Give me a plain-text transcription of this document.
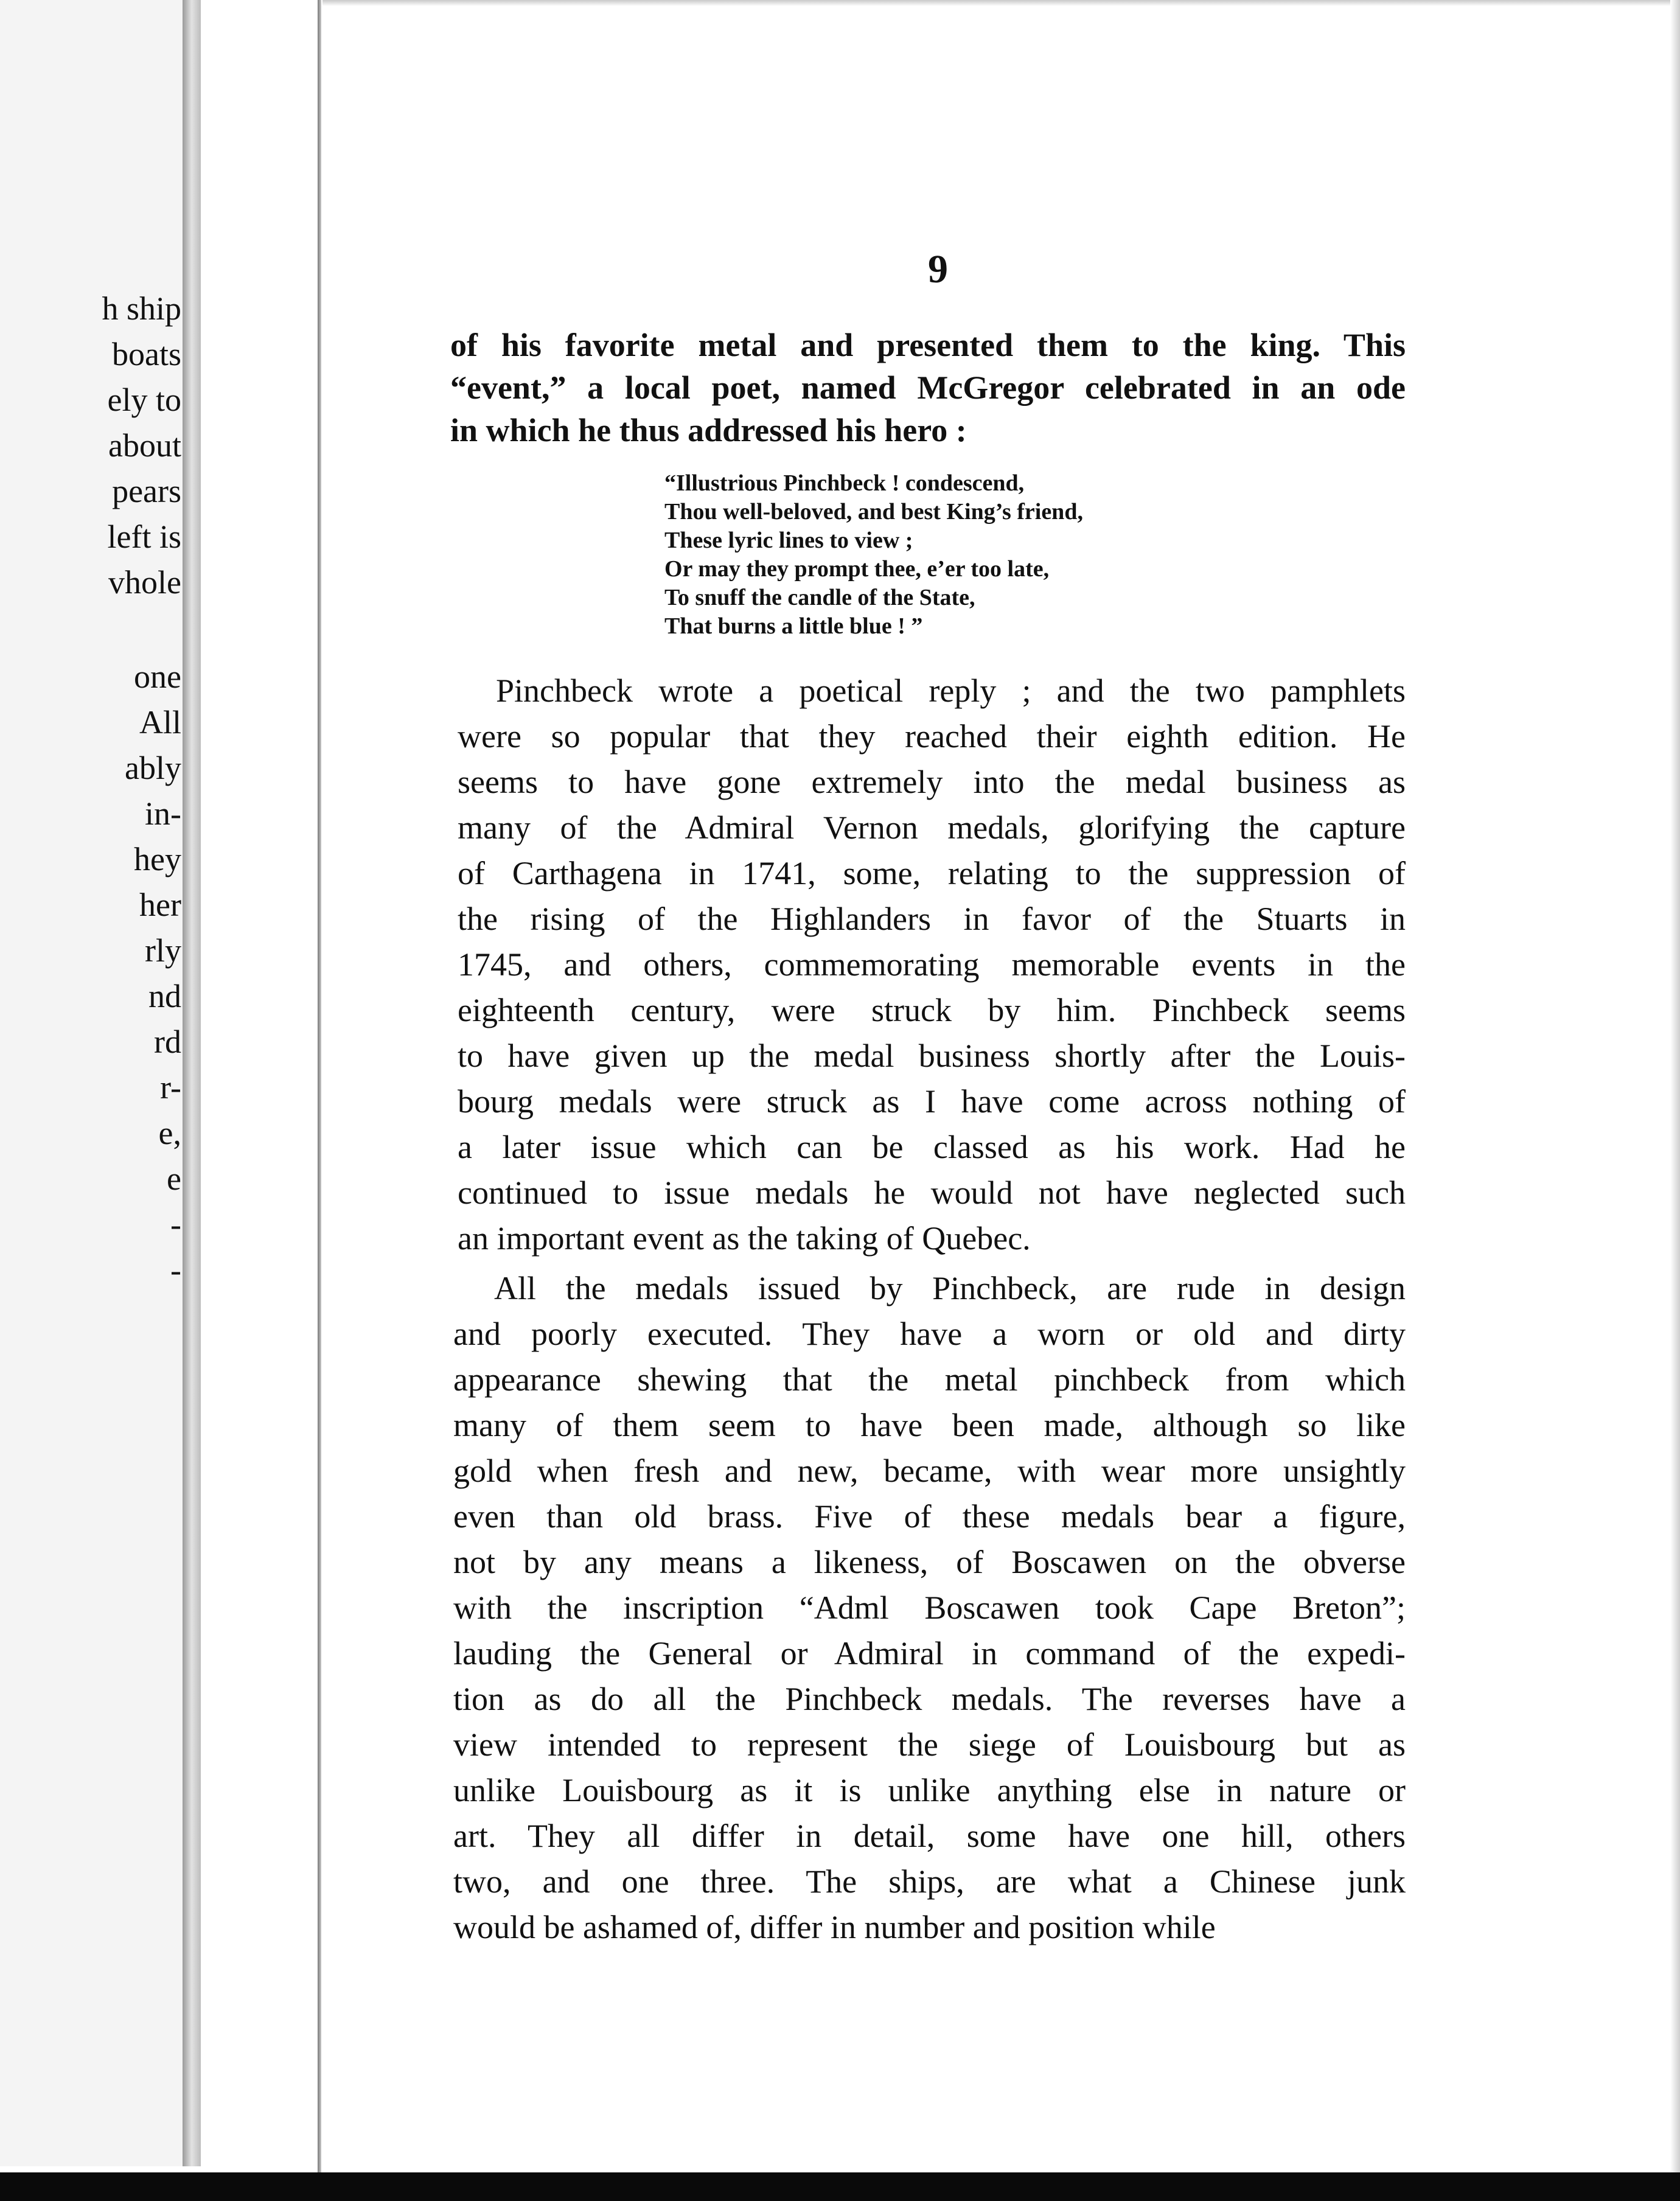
h ship
boats
ely to
about
pears
left is
vhole
one
All
ably
in-
hey
her
rly
nd
rd
r-
e,
e
-
-
9
of his favorite metal and presented them to the king. This
“event,” a local poet, named McGregor celebrated in an ode
in which he thus addressed his hero :
“Illustrious Pinchbeck ! condescend,
Thou well-beloved, and best King’s friend,
These lyric lines to view ;
Or may they prompt thee, e’er too late,
To snuff the candle of the State,
That burns a little blue ! ”
Pinchbeck wrote a poetical reply ; and the two pamphlets
were so popular that they reached their eighth edition. He
seems to have gone extremely into the medal business as
many of the Admiral Vernon medals, glorifying the capture
of Carthagena in 1741, some, relating to the suppression of
the rising of the Highlanders in favor of the Stuarts in
1745, and others, commemorating memorable events in the
eighteenth century, were struck by him. Pinchbeck seems
to have given up the medal business shortly after the Louis-
bourg medals were struck as I have come across nothing of
a later issue which can be classed as his work. Had he
continued to issue medals he would not have neglected such
an important event as the taking of Quebec.
All the medals issued by Pinchbeck, are rude in design
and poorly executed. They have a worn or old and dirty
appearance shewing that the metal pinchbeck from which
many of them seem to have been made, although so like
gold when fresh and new, became, with wear more unsightly
even than old brass. Five of these medals bear a figure,
not by any means a likeness, of Boscawen on the obverse
with the inscription “Adml Boscawen took Cape Breton”;
lauding the General or Admiral in command of the expedi-
tion as do all the Pinchbeck medals. The reverses have a
view intended to represent the siege of Louisbourg but as
unlike Louisbourg as it is unlike anything else in nature or
art. They all differ in detail, some have one hill, others
two, and one three. The ships, are what a Chinese junk
would be ashamed of, differ in number and position while
